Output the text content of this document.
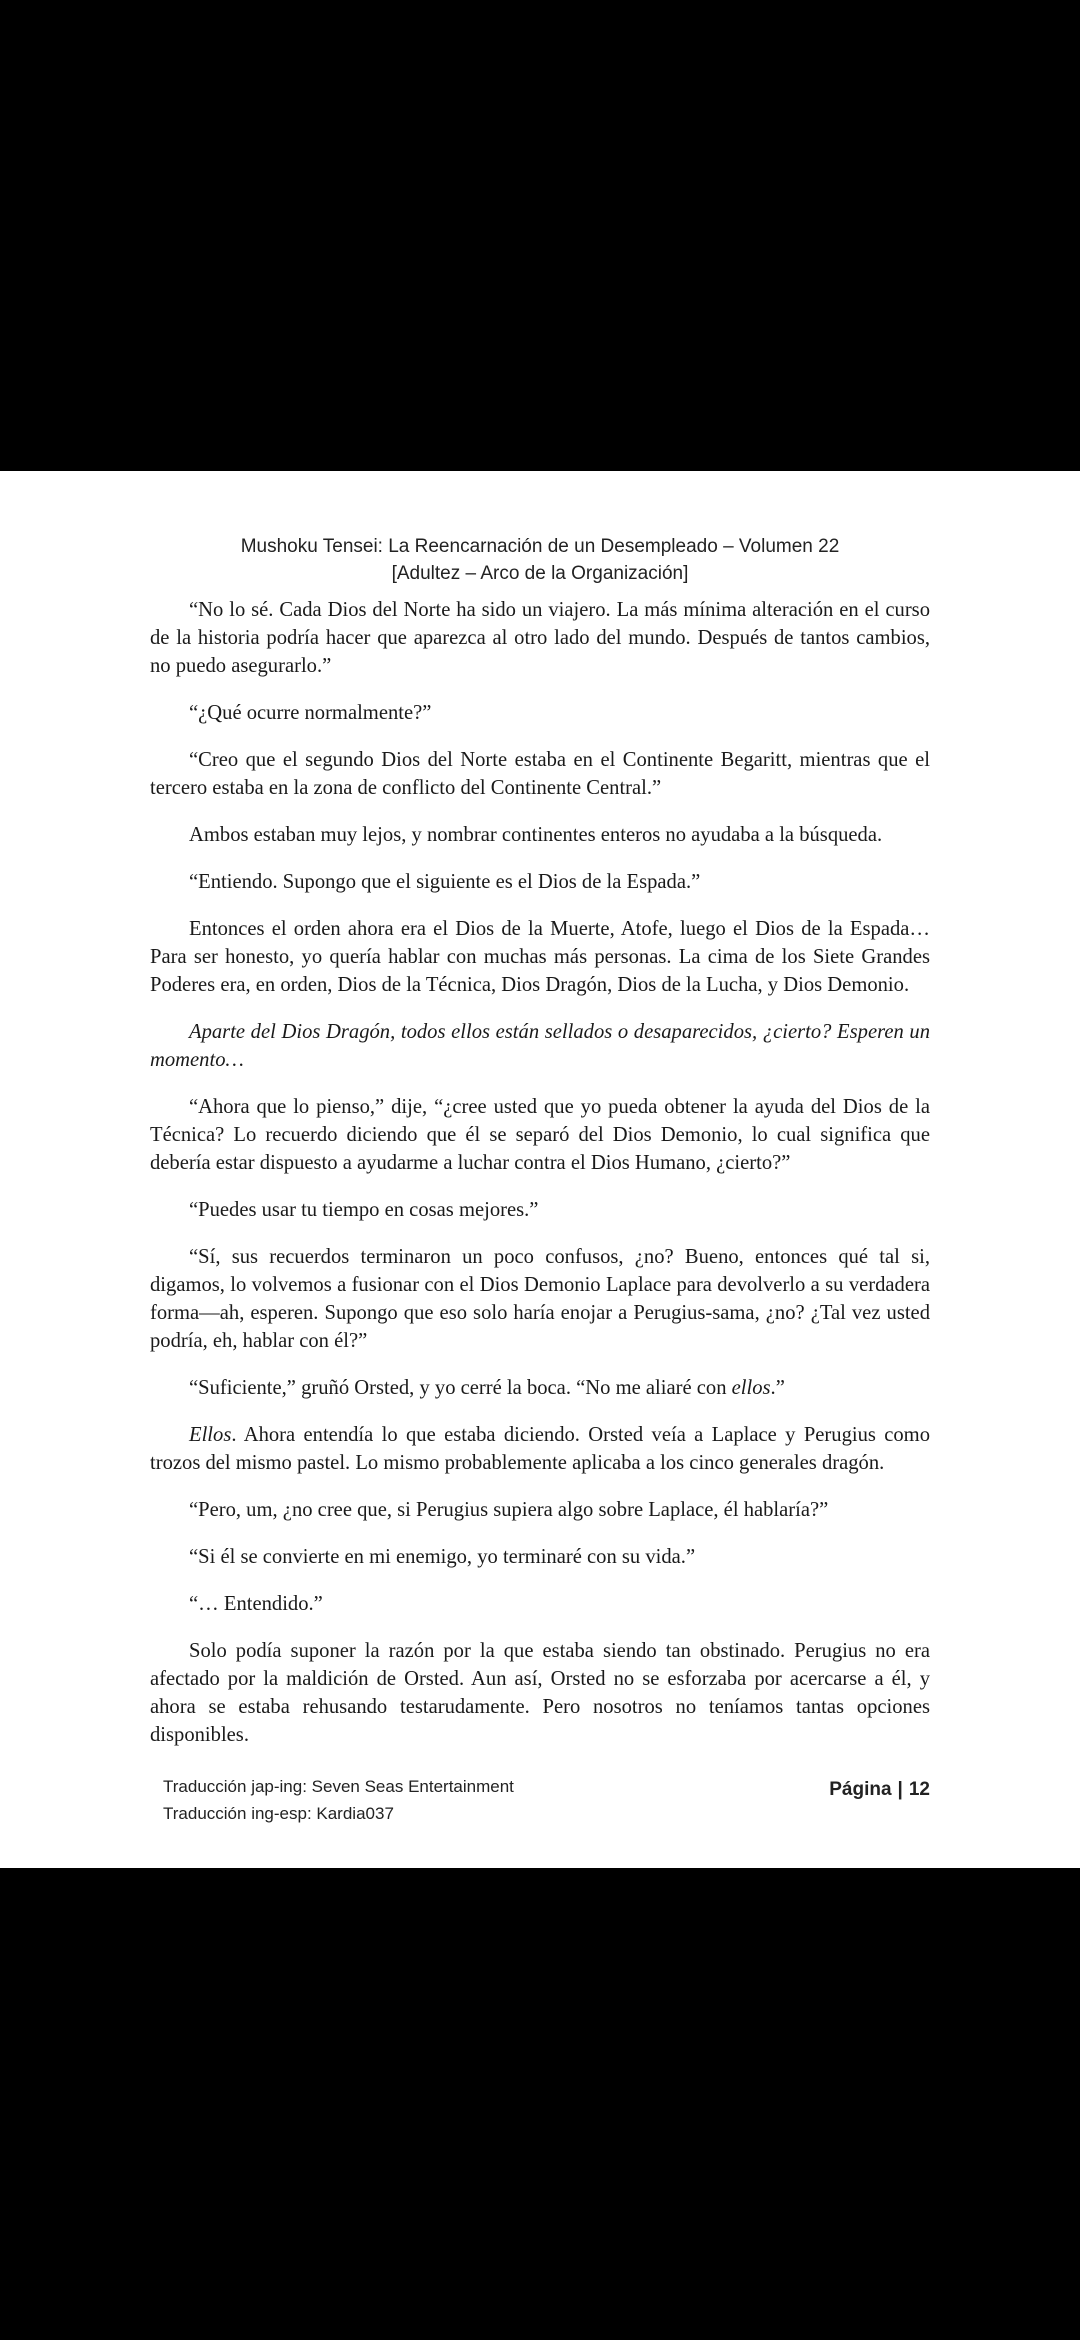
Mushoku Tensei: La Reencarnación de un Desempleado – Volumen 22
[Adultez – Arco de la Organización]

“No lo sé. Cada Dios del Norte ha sido un viajero. La más mínima alteración en el curso de la historia podría hacer que aparezca al otro lado del mundo. Después de tantos cambios, no puedo asegurarlo.”

“¿Qué ocurre normalmente?”

“Creo que el segundo Dios del Norte estaba en el Continente Begaritt, mientras que el tercero estaba en la zona de conflicto del Continente Central.”

Ambos estaban muy lejos, y nombrar continentes enteros no ayudaba a la búsqueda.

“Entiendo. Supongo que el siguiente es el Dios de la Espada.”

Entonces el orden ahora era el Dios de la Muerte, Atofe, luego el Dios de la Espada… Para ser honesto, yo quería hablar con muchas más personas. La cima de los Siete Grandes Poderes era, en orden, Dios de la Técnica, Dios Dragón, Dios de la Lucha, y Dios Demonio.

Aparte del Dios Dragón, todos ellos están sellados o desaparecidos, ¿cierto? Esperen un momento…

“Ahora que lo pienso,” dije, “¿cree usted que yo pueda obtener la ayuda del Dios de la Técnica? Lo recuerdo diciendo que él se separó del Dios Demonio, lo cual significa que debería estar dispuesto a ayudarme a luchar contra el Dios Humano, ¿cierto?”

“Puedes usar tu tiempo en cosas mejores.”

“Sí, sus recuerdos terminaron un poco confusos, ¿no? Bueno, entonces qué tal si, digamos, lo volvemos a fusionar con el Dios Demonio Laplace para devolverlo a su verdadera forma—ah, esperen. Supongo que eso solo haría enojar a Perugius-sama, ¿no? ¿Tal vez usted podría, eh, hablar con él?”

“Suficiente,” gruñó Orsted, y yo cerré la boca. “No me aliaré con ellos.”

Ellos. Ahora entendía lo que estaba diciendo. Orsted veía a Laplace y Perugius como trozos del mismo pastel. Lo mismo probablemente aplicaba a los cinco generales dragón.

“Pero, um, ¿no cree que, si Perugius supiera algo sobre Laplace, él hablaría?”

“Si él se convierte en mi enemigo, yo terminaré con su vida.”

“… Entendido.”

Solo podía suponer la razón por la que estaba siendo tan obstinado. Perugius no era afectado por la maldición de Orsted. Aun así, Orsted no se esforzaba por acercarse a él, y ahora se estaba rehusando testarudamente. Pero nosotros no teníamos tantas opciones disponibles.

Traducción jap-ing: Seven Seas Entertainment
Traducción ing-esp: Kardia037
Página | 12
